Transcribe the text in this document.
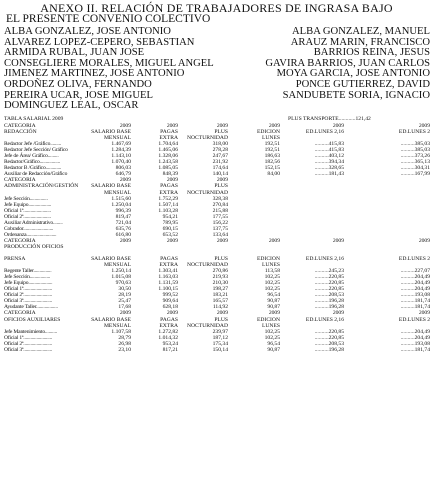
ANEXO II. RELACIÓN DE TRABAJADORES DE INGRASA BAJO
EL PRESENTE CONVENIO COLECTIVO
ALBA GONZALEZ, JOSE ANTONIO	ALBA GONZALEZ, MANUEL
ALVAREZ LOPEZ-CEPERO, SEBASTIAN	ARAUZ MARIN, FRANCISCO
ARMIDA RUBAL, JUAN JOSE	BARRIOS REINA, JESUS
CONSEGLIERE MORALES, MIGUEL ANGEL	GAVIRA BARRIOS, JUAN CARLOS
JIMENEZ MARTINEZ, JOSE ANTONIO	MOYA GARCIA, JOSE ANTONIO
ORDOÑEZ OLIVA, FERNANDO	PONCE GUTIERREZ, DAVID
PEREIRA UCAR, JOSE MIGUEL	SANDUBETE SORIA, IGNACIO
DOMINGUEZ LEAL, OSCAR
TABLA SALARIAL 2009	PLUS TRANSPORTE............121,42
CATEGORIA	2009	2009	2009	2009	2009	2009
REDACCIÓN	SALARIO BASE	PAGAS	PLUS	EDICION	ED.LUNES 2,16	ED.LUNES 2
MENSUAL	EXTRA	NOCTURNIDAD	LUNES
Redactor Jefe /Gráfico.........	1.467,69	1.704,64	318,00	192,51	..........415,83	..........385,03
Redactor Jefe Sección/ Gráfico	1.284,39	1.465,06	278,28	192,51	..........415,83	..........385,03
Jefe de Área/ Gráfico.........	1.143,10	1.328,06	247,67	186,63	..........403,12	..........373,26
Redactor/Gráfico.................	1.070,40	1.243,58	231,92	182,56	..........394,34	..........365,13
Redactor B /Gráfico.............	806,03	1.085,05	174,64	152,15	..........328,65	..........304,31
Auxiliar de Redacción/Gráfico	646,79	848,39	140,14	84,00	..........181,43	..........167,99
CATEGORIA	2009	2009	2009
ADMINISTRACIÓN/GESTIÓN	SALARIO BASE	PAGAS	PLUS
MENSUAL	EXTRA	NOCTURNIDAD
Jefe Sección...............	1.515,60	1.752,29	328,38
Jefe Equipo...................	1.250,04	1.507,14	270,84
Oficial 1ª.......................	996,39	1.103,28	215,88
Oficial 2ª.......................	819,47	954,21	177,55
Auxiliar Administrativo........	721,04	789,95	156,22
Cobrador.........................	635,76	690,15	137,75
Ordenanza.........................	616,80	653,52	133,64
CATEGORIA	2009	2009	2009	2009	2009	2009
PRODUCCIÓN OFICIOS
PRENSA	SALARIO BASE	PAGAS	PLUS	EDICION	ED.LUNES 2,16	ED.LUNES 2
MENSUAL	EXTRA	NOCTURNIDAD	LUNES
Regente Taller...............	1.250,14	1.303,41	270,86	113,58	..........245,23	..........227,07
Jefe Sección.................	1.015,08	1.163,03	219,93	102,25	..........220,85	..........204,49
Jefe Equipo....................	970,63	1.131,59	210,30	102,25	..........220,85	..........204,49
Oficial 1ª........................	30,50	1.100,15	198,27	102,25	..........220,85	..........204,49
Oficial 2ª........................	28,19	999,52	183,21	96,54	..........208,53	..........193,08
Oficial 3ª........................	25,47	909,64	165,57	90,87	..........196,28	..........181,74
Ayudante Taller..................	17,68	628,18	114,92	90,87	..........196,28	..........181,74
CATEGORIA	2009	2009	2009	2009	2009	2009
OFICIOS AUXILIARES	SALARIO BASE	PAGAS	PLUS	EDICION	ED.LUNES 2,16	ED.LUNES 2
MENSUAL	EXTRA	NOCTURNIDAD	LUNES
Jefe Mantenimiento..........	1.107,58	1.272,82	239,97	102,25	..........220,85	..........204,49
Oficial 1ª........................	28,79	1.014,32	187,12	102,25	..........220,85	..........204,49
Oficial 2ª........................	26,98	953,24	175,34	96,54	..........208,53	..........193,08
Oficial 3ª........................	23,10	817,21	150,14	90,87	..........196,28	..........181,74
